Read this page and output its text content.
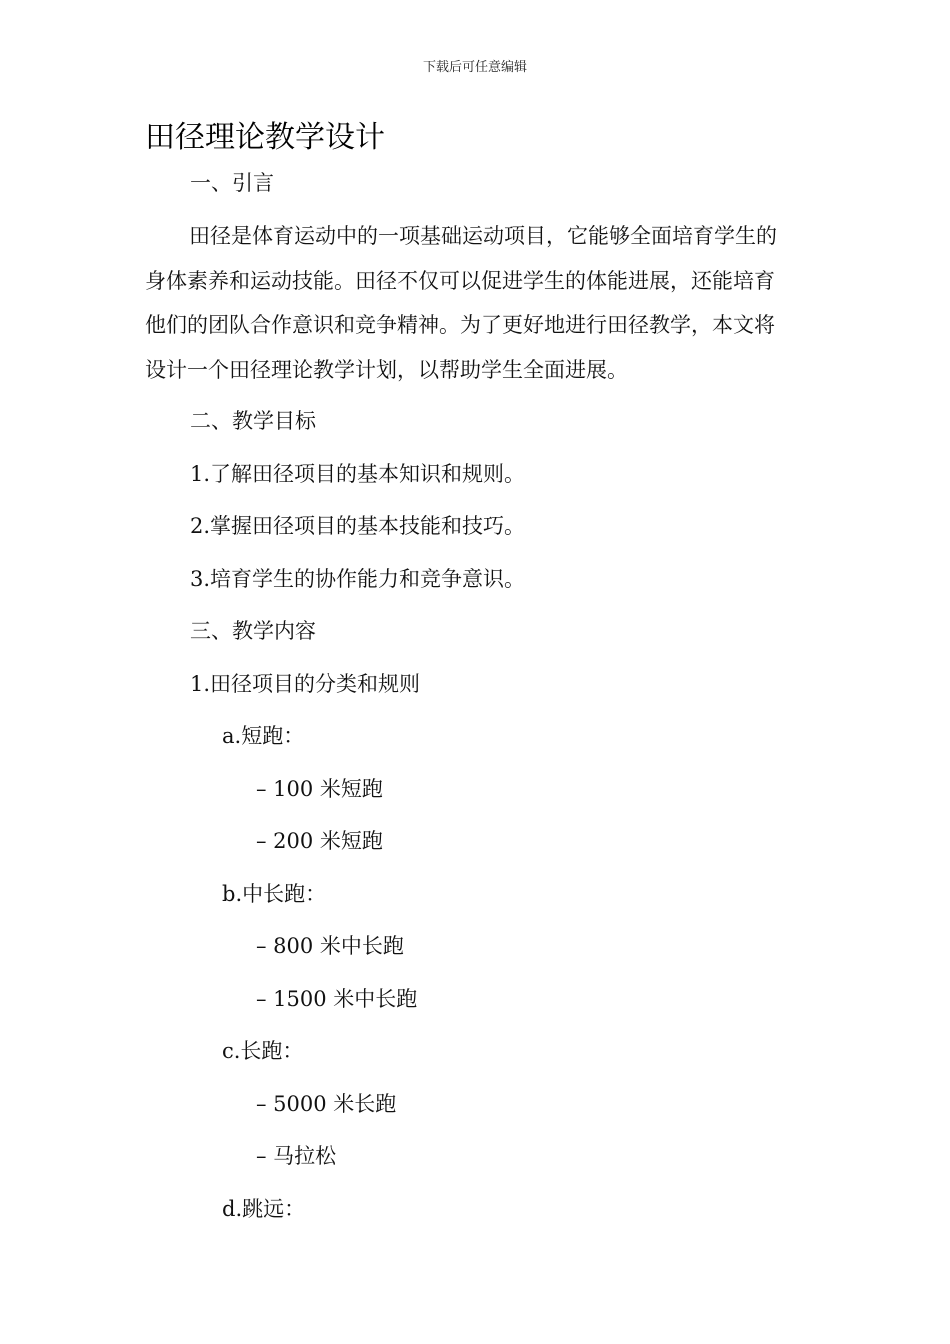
下载后可任意编辑
田径理论教学设计
一、引言
田径是体育运动中的一项基础运动项目，它能够全面培育学生的身体素养和运动技能。田径不仅可以促进学生的体能进展，还能培育他们的团队合作意识和竞争精神。为了更好地进行田径教学，本文将设计一个田径理论教学计划，以帮助学生全面进展。
二、教学目标
1.了解田径项目的基本知识和规则。
2.掌握田径项目的基本技能和技巧。
3.培育学生的协作能力和竞争意识。
三、教学内容
1.田径项目的分类和规则
a.短跑：
– 100 米短跑
– 200 米短跑
b.中长跑：
– 800 米中长跑
– 1500 米中长跑
c.长跑：
– 5000 米长跑
– 马拉松
d.跳远：
